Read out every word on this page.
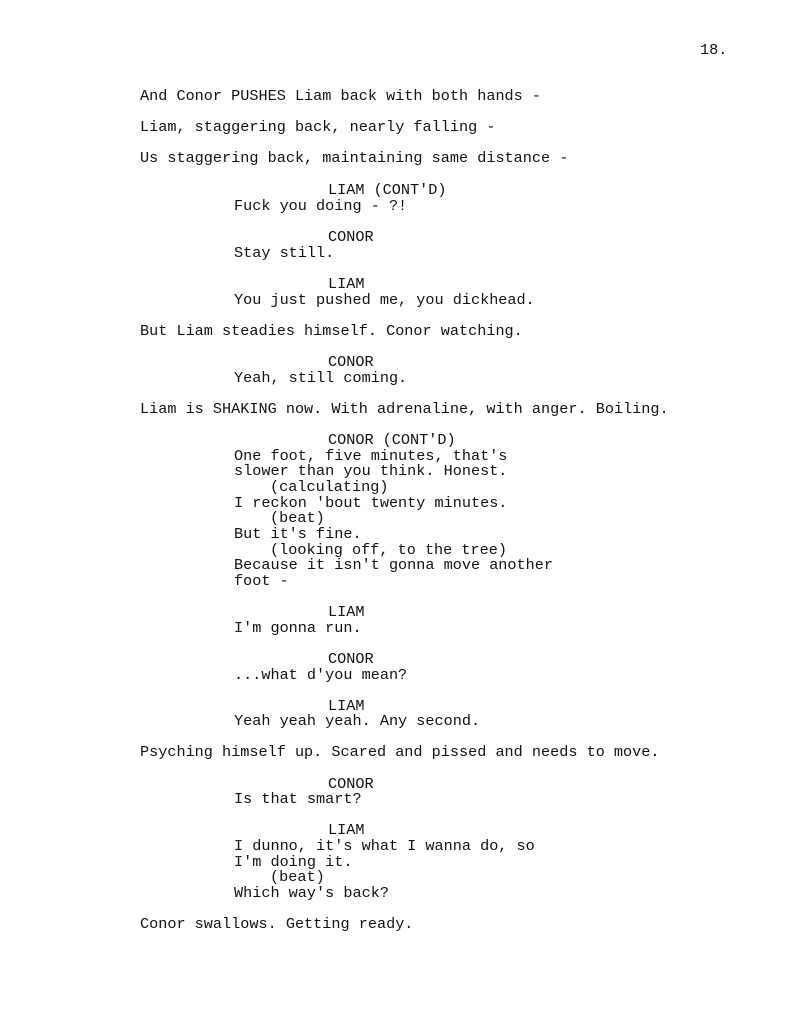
18.
And Conor PUSHES Liam back with both hands -
Liam, staggering back, nearly falling -
Us staggering back, maintaining same distance -
LIAM (CONT'D)
Fuck you doing - ?!
CONOR
Stay still.
LIAM
You just pushed me, you dickhead.
But Liam steadies himself. Conor watching.
CONOR
Yeah, still coming.
Liam is SHAKING now. With adrenaline, with anger. Boiling.
CONOR (CONT'D)
One foot, five minutes, that's
slower than you think. Honest.
(calculating)
I reckon 'bout twenty minutes.
(beat)
But it's fine.
(looking off, to the tree)
Because it isn't gonna move another
foot -
LIAM
I'm gonna run.
CONOR
...what d'you mean?
LIAM
Yeah yeah yeah. Any second.
Psyching himself up. Scared and pissed and needs to move.
CONOR
Is that smart?
LIAM
I dunno, it's what I wanna do, so
I'm doing it.
(beat)
Which way's back?
Conor swallows. Getting ready.
